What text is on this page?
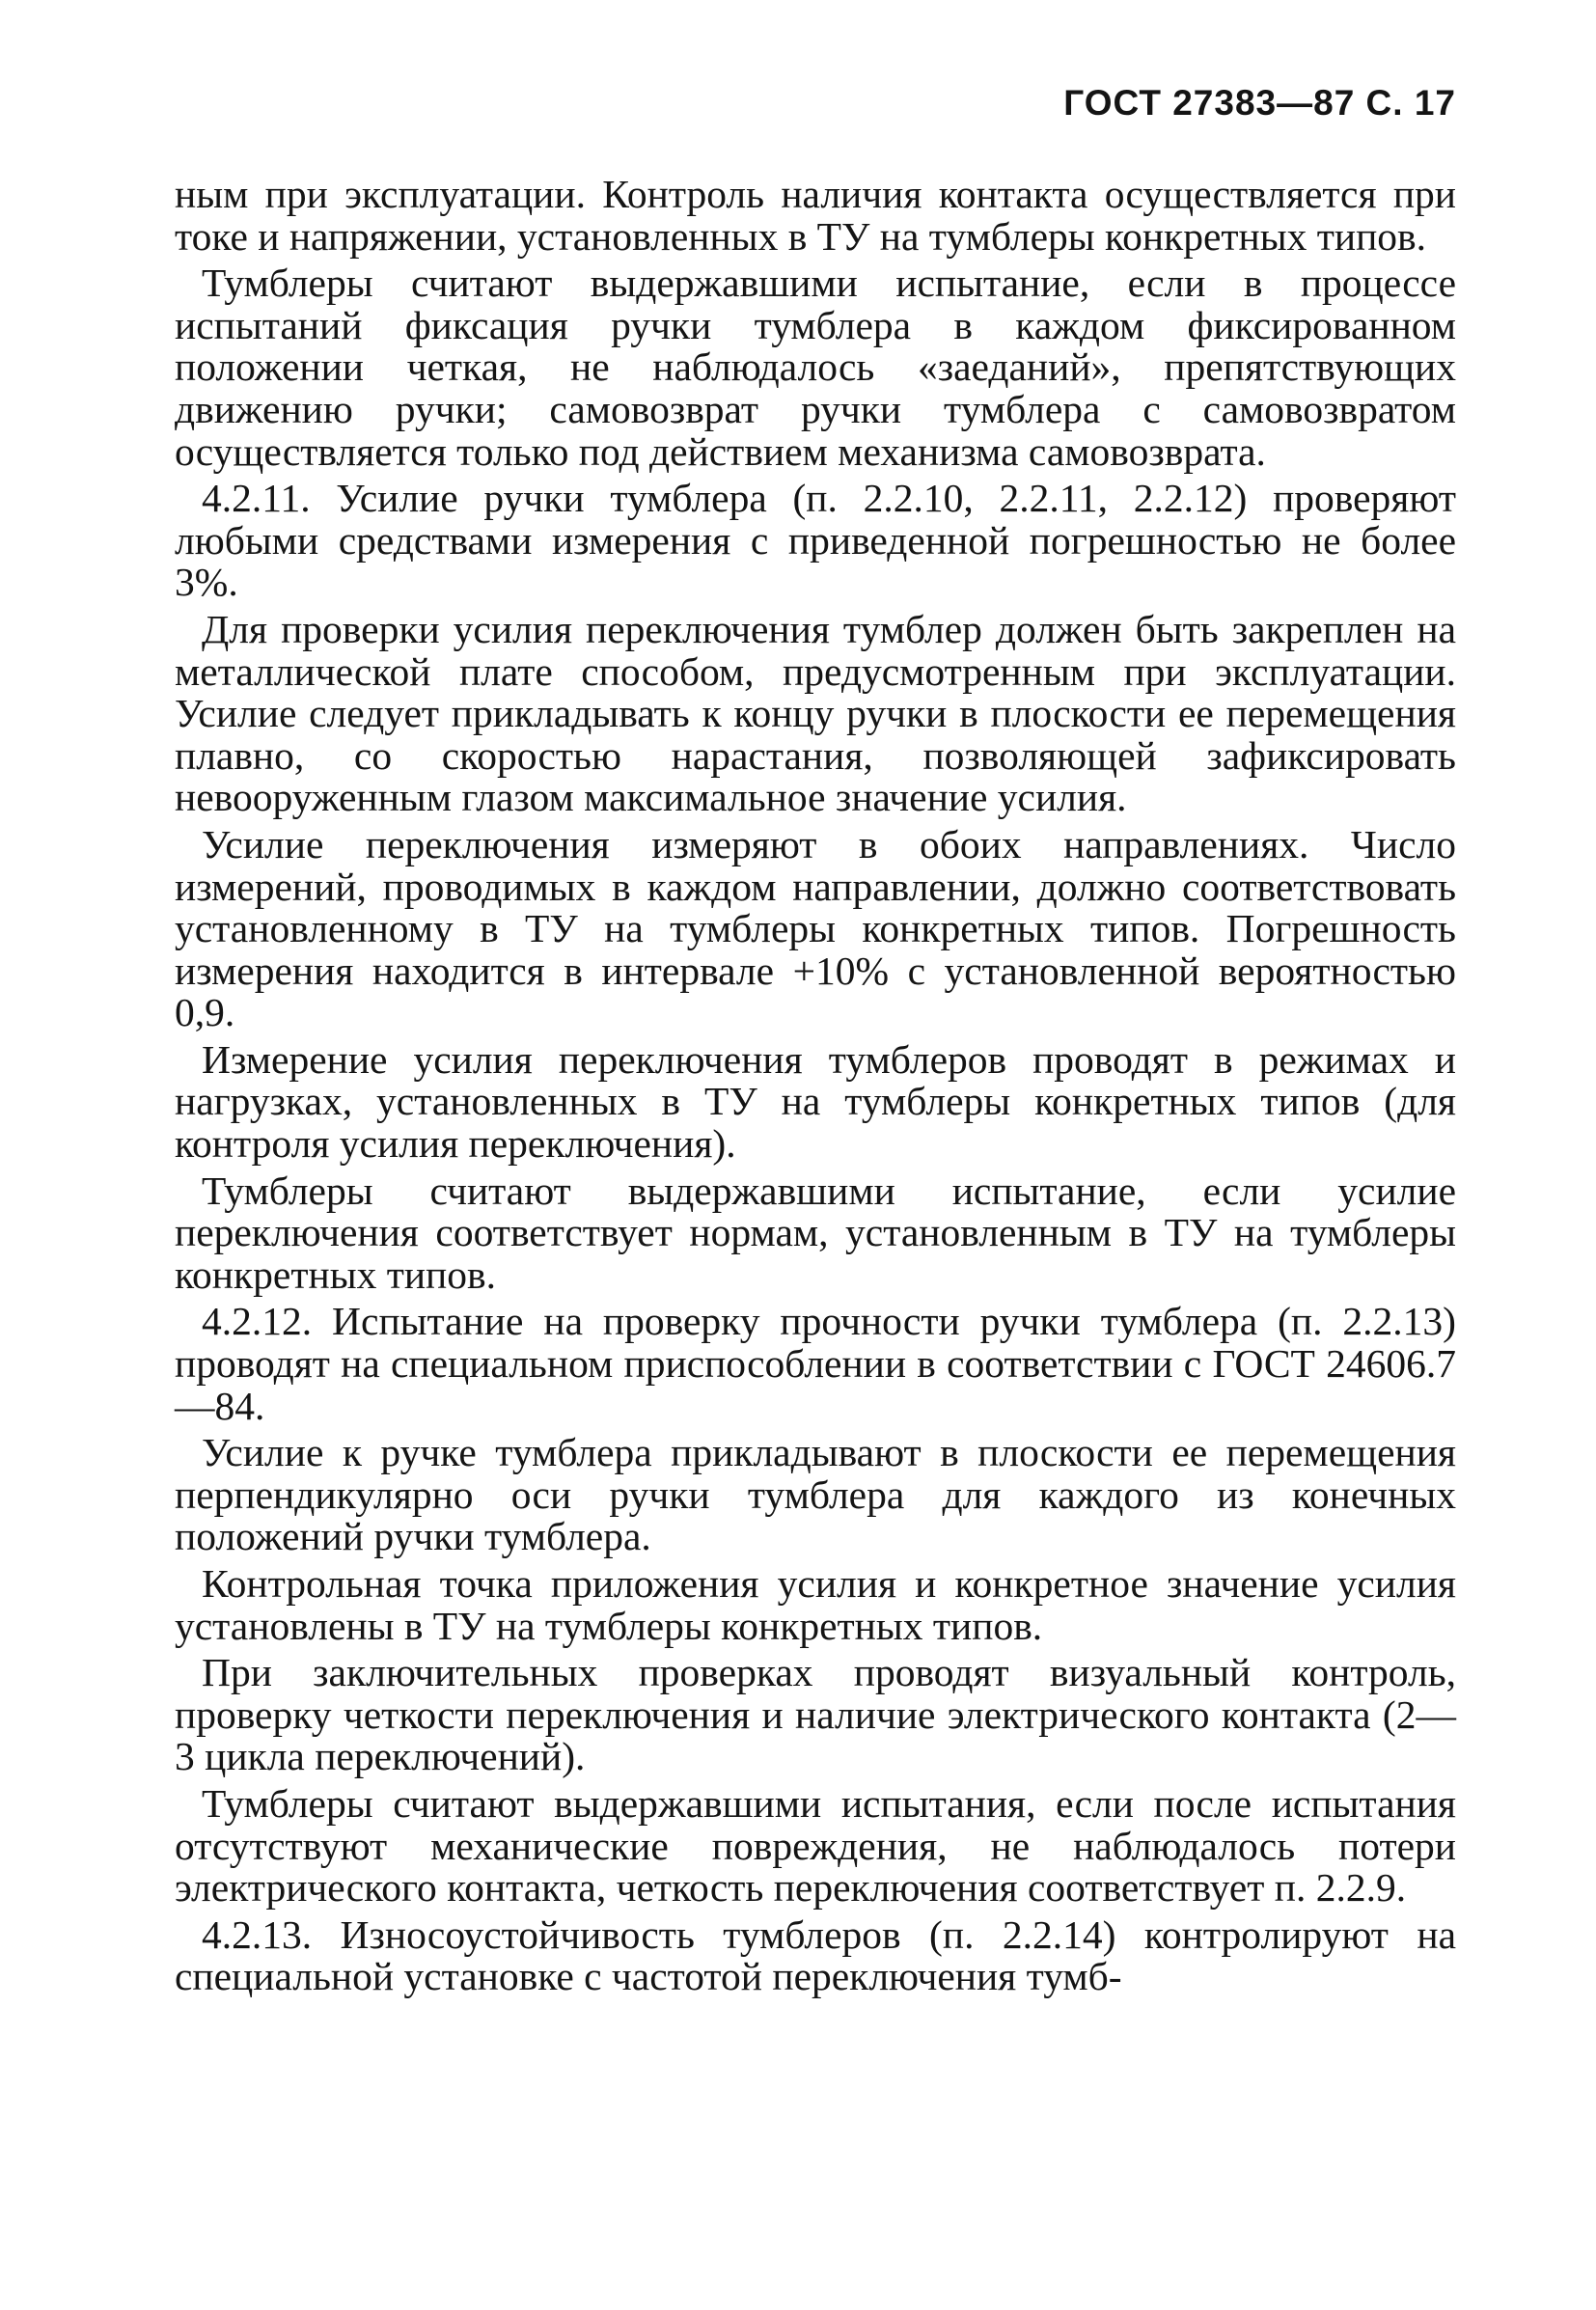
ГОСТ 27383—87 С. 17

ным при эксплуатации. Контроль наличия контакта осуществляется при токе и напряжении, установленных в ТУ на тумблеры конкретных типов.

Тумблеры считают выдержавшими испытание, если в процессе испытаний фиксация ручки тумблера в каждом фиксированном положении четкая, не наблюдалось «заеданий», препятствующих движению ручки; самовозврат ручки тумблера с самовозвратом осуществляется только под действием механизма самовозврата.

4.2.11. Усилие ручки тумблера (п. 2.2.10, 2.2.11, 2.2.12) проверяют любыми средствами измерения с приведенной погрешностью не более 3%.

Для проверки усилия переключения тумблер должен быть закреплен на металлической плате способом, предусмотренным при эксплуатации. Усилие следует прикладывать к концу ручки в плоскости ее перемещения плавно, со скоростью нарастания, позволяющей зафиксировать невооруженным глазом максимальное значение усилия.

Усилие переключения измеряют в обоих направлениях. Число измерений, проводимых в каждом направлении, должно соответствовать установленному в ТУ на тумблеры конкретных типов. Погрешность измерения находится в интервале +10% с установленной вероятностью 0,9.

Измерение усилия переключения тумблеров проводят в режимах и нагрузках, установленных в ТУ на тумблеры конкретных типов (для контроля усилия переключения).

Тумблеры считают выдержавшими испытание, если усилие переключения соответствует нормам, установленным в ТУ на тумблеры конкретных типов.

4.2.12. Испытание на проверку прочности ручки тумблера (п. 2.2.13) проводят на специальном приспособлении в соответствии с ГОСТ 24606.7—84.

Усилие к ручке тумблера прикладывают в плоскости ее перемещения перпендикулярно оси ручки тумблера для каждого из конечных положений ручки тумблера.

Контрольная точка приложения усилия и конкретное значение усилия установлены в ТУ на тумблеры конкретных типов.

При заключительных проверках проводят визуальный контроль, проверку четкости переключения и наличие электрического контакта (2—3 цикла переключений).

Тумблеры считают выдержавшими испытания, если после испытания отсутствуют механические повреждения, не наблюдалось потери электрического контакта, четкость переключения соответствует п. 2.2.9.

4.2.13. Износоустойчивость тумблеров (п. 2.2.14) контролируют на специальной установке с частотой переключения тумб-
